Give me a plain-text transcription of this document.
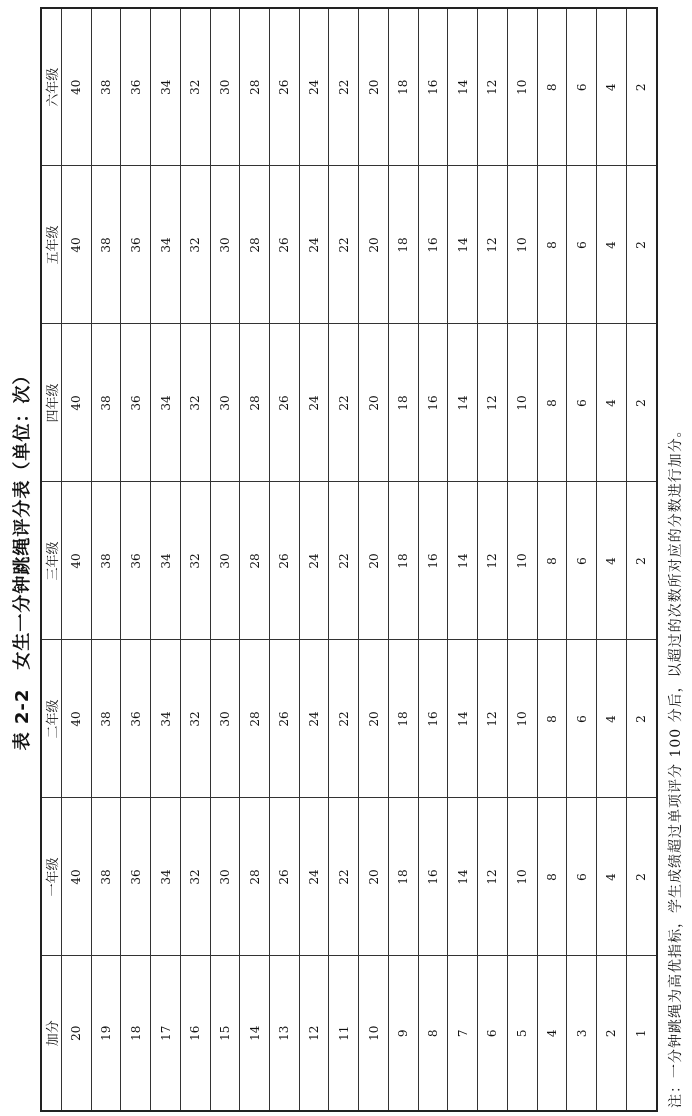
表 2-2　女生一分钟跳绳评分表（单位：次）
加分	一年级	二年级	三年级	四年级	五年级	六年级
20	40	40	40	40	40	40
19	38	38	38	38	38	38
18	36	36	36	36	36	36
17	34	34	34	34	34	34
16	32	32	32	32	32	32
15	30	30	30	30	30	30
14	28	28	28	28	28	28
13	26	26	26	26	26	26
12	24	24	24	24	24	24
11	22	22	22	22	22	22
10	20	20	20	20	20	20
9	18	18	18	18	18	18
8	16	16	16	16	16	16
7	14	14	14	14	14	14
6	12	12	12	12	12	12
5	10	10	10	10	10	10
4	8	8	8	8	8	8
3	6	6	6	6	6	6
2	4	4	4	4	4	4
1	2	2	2	2	2	2
注：一分钟跳绳为高优指标，学生成绩超过单项评分 100 分后，以超过的次数所对应的分数进行加分。
